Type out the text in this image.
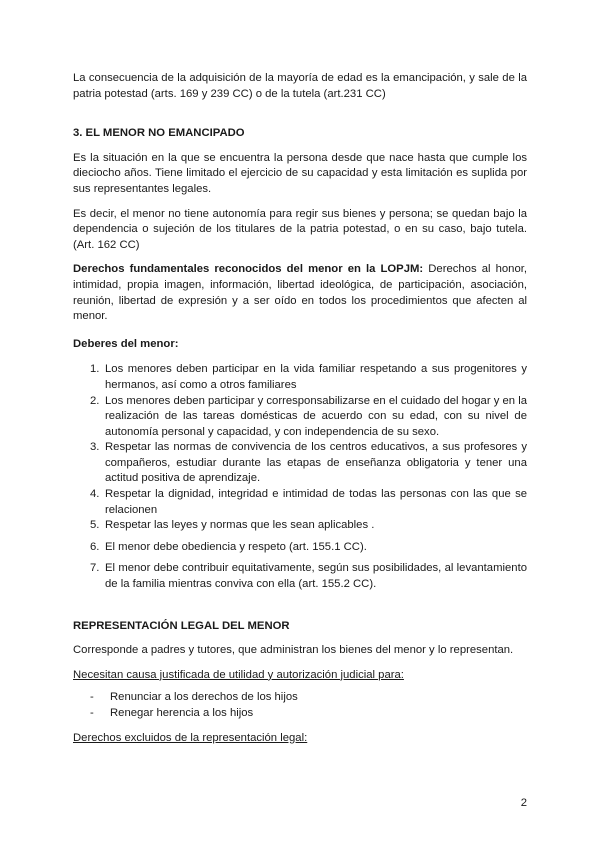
La consecuencia de la adquisición de la mayoría de edad es la emancipación, y sale de la patria potestad (arts. 169 y 239 CC) o de la tutela (art.231 CC)

3. EL MENOR NO EMANCIPADO

Es la situación en la que se encuentra la persona desde que nace hasta que cumple los dieciocho años. Tiene limitado el ejercicio de su capacidad y esta limitación es suplida por sus representantes legales.

Es decir, el menor no tiene autonomía para regir sus bienes y persona; se quedan bajo la dependencia o sujeción de los titulares de la patria potestad, o en su caso, bajo tutela. (Art. 162 CC)

Derechos fundamentales reconocidos del menor en la LOPJM: Derechos al honor, intimidad, propia imagen, información, libertad ideológica, de participación, asociación, reunión, libertad de expresión y a ser oído en todos los procedimientos que afecten al menor.

Deberes del menor:

1. Los menores deben participar en la vida familiar respetando a sus progenitores y hermanos, así como a otros familiares
2. Los menores deben participar y corresponsabilizarse en el cuidado del hogar y en la realización de las tareas domésticas de acuerdo con su edad, con su nivel de autonomía personal y capacidad, y con independencia de su sexo.
3. Respetar las normas de convivencia de los centros educativos, a sus profesores y compañeros, estudiar durante las etapas de enseñanza obligatoria y tener una actitud positiva de aprendizaje.
4. Respetar la dignidad, integridad e intimidad de todas las personas con las que se relacionen
5. Respetar las leyes y normas que les sean aplicables .
6. El menor debe obediencia y respeto (art. 155.1 CC).
7. El menor debe contribuir equitativamente, según sus posibilidades, al levantamiento de la familia mientras conviva con ella (art. 155.2 CC).

REPRESENTACIÓN LEGAL DEL MENOR

Corresponde a padres y tutores, que administran los bienes del menor y lo representan.

Necesitan causa justificada de utilidad y autorización judicial para:

-	Renunciar a los derechos de los hijos
-	Renegar herencia a los hijos

Derechos excluidos de la representación legal:

2
